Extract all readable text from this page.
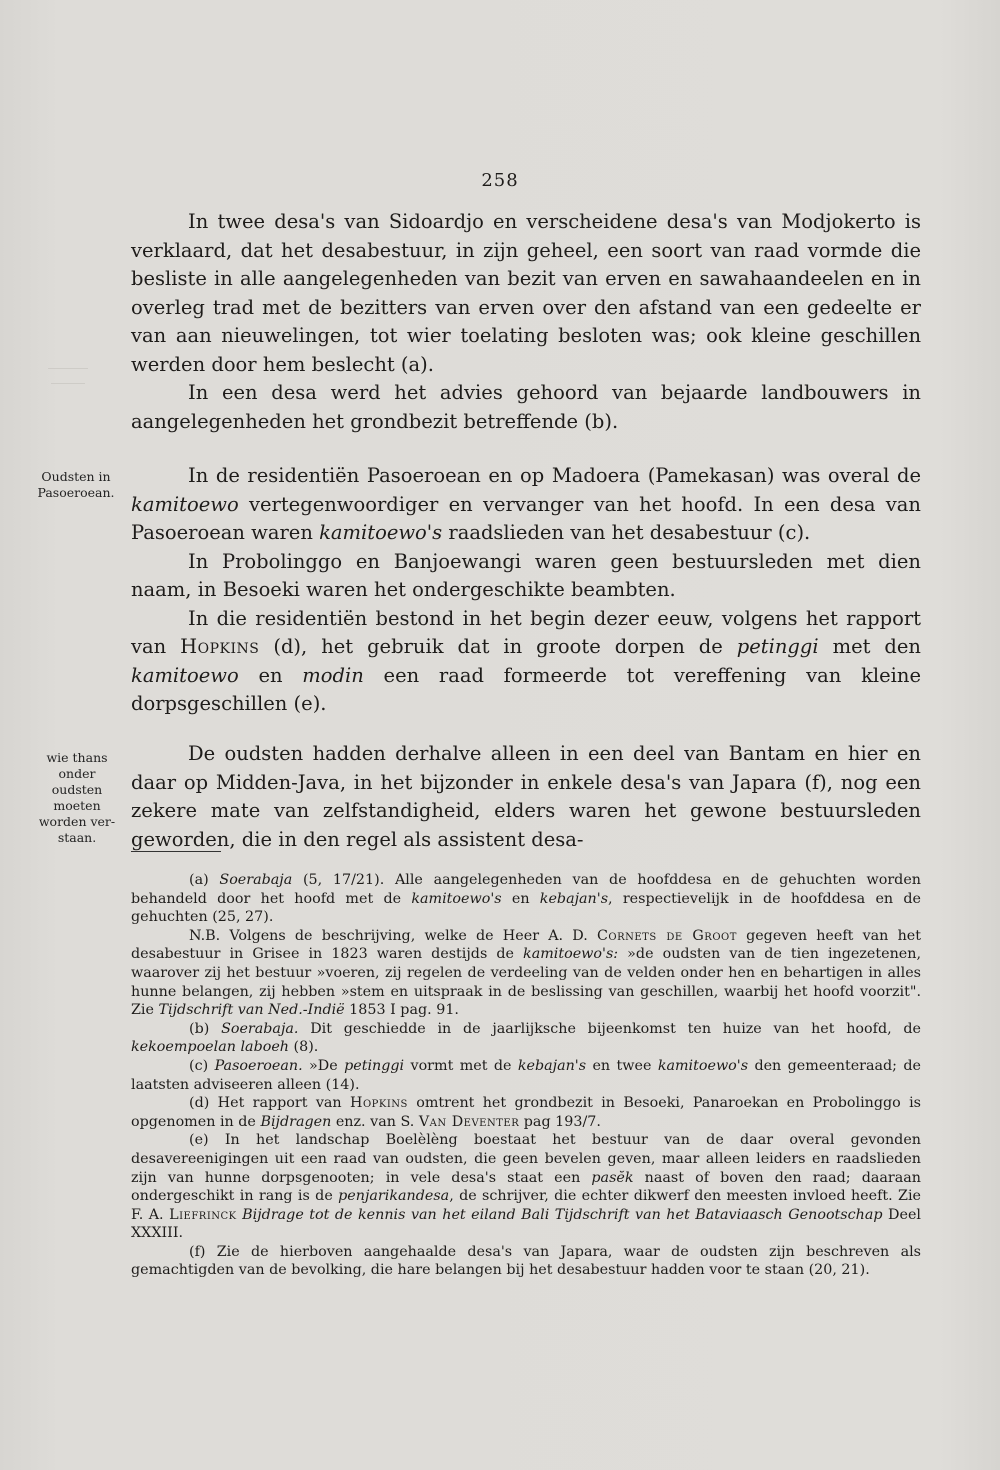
258

In twee desa's van Sidoardjo en verscheidene desa's van Modjokerto is verklaard, dat het desabestuur, in zijn geheel, een soort van raad vormde die besliste in alle aangelegenheden van bezit van erven en sawahaandeelen en in overleg trad met de bezitters van erven over den afstand van een gedeelte er van aan nieuwelingen, tot wier toelating besloten was; ook kleine geschillen werden door hem beslecht (a).

In een desa werd het advies gehoord van bejaarde landbouwers in aangelegenheden het grondbezit betreffende (b).

Oudsten in
Pasoeroean.

In de residentiën Pasoeroean en op Madoera (Pamekasan) was overal de kamitoewo vertegenwoordiger en vervanger van het hoofd. In een desa van Pasoeroean waren kamitoewo's raadslieden van het desabestuur (c).

In Probolinggo en Banjoewangi waren geen bestuursleden met dien naam, in Besoeki waren het ondergeschikte beambten.

In die residentiën bestond in het begin dezer eeuw, volgens het rapport van Hopkins (d), het gebruik dat in groote dorpen de petinggi met den kamitoewo en modin een raad formeerde tot vereffening van kleine dorpsgeschillen (e).

wie thans onder
oudsten moeten
worden ver-
staan.

De oudsten hadden derhalve alleen in een deel van Bantam en hier en daar op Midden-Java, in het bijzonder in enkele desa's van Japara (f), nog een zekere mate van zelfstandigheid, elders waren het gewone bestuursleden geworden, die in den regel als assistent desa-

(a) Soerabaja (5, 17/21). Alle aangelegenheden van de hoofddesa en de gehuchten worden behandeld door het hoofd met de kamitoewo's en kebajan's, respectievelijk in de hoofddesa en de gehuchten (25, 27).

N.B. Volgens de beschrijving, welke de Heer A. D. Cornets de Groot gegeven heeft van het desabestuur in Grisee in 1823 waren destijds de kamitoewo's: »de oudsten van de tien ingezetenen, waarover zij het bestuur »voeren, zij regelen de verdeeling van de velden onder hen en behartigen in alles hunne belangen, zij hebben »stem en uitspraak in de beslissing van geschillen, waarbij het hoofd voorzit". Zie Tijdschrift van Ned.-Indië 1853 I pag. 91.

(b) Soerabaja. Dit geschiedde in de jaarlijksche bijeenkomst ten huize van het hoofd, de kekoempoelan laboeh (8).

(c) Pasoeroean. »De petinggi vormt met de kebajan's en twee kamitoewo's den gemeenteraad; de laatsten adviseeren alleen (14).

(d) Het rapport van Hopkins omtrent het grondbezit in Besoeki, Panaroekan en Probolinggo is opgenomen in de Bijdragen enz. van S. Van Deventer pag 193/7.

(e) In het landschap Boelèlèng boestaat het bestuur van de daar overal gevonden desavereenigingen uit een raad van oudsten, die geen bevelen geven, maar alleen leiders en raadslieden zijn van hunne dorpsgenooten; in vele desa's staat een pasĕk naast of boven den raad; daaraan ondergeschikt in rang is de penjarikandesa, de schrijver, die echter dikwerf den meesten invloed heeft. Zie F. A. Liefrinck Bijdrage tot de kennis van het eiland Bali Tijdschrift van het Bataviaasch Genootschap Deel XXXIII.

(f) Zie de hierboven aangehaalde desa's van Japara, waar de oudsten zijn beschreven als gemachtigden van de bevolking, die hare belangen bij het desabestuur hadden voor te staan (20, 21).
